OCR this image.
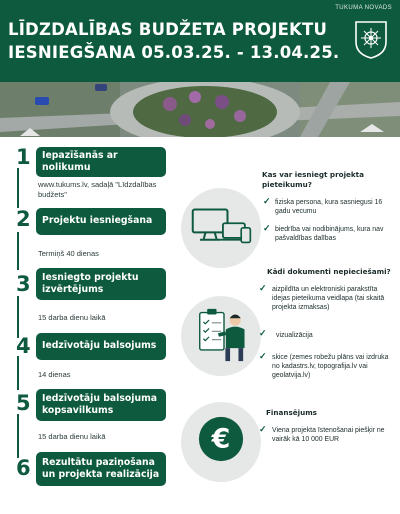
LĪDZDALĪBAS BUDŽETA PROJEKTU
IESNIEGŠANA 05.03.25. - 13.04.25.
TUKUMA NOVADS
1 Iepazīšanās ar nolikumu
www.tukums.lv, sadaļā "Līdzdalības budžets"
2 Projektu iesniegšana
Termiņš 40 dienas
3 Iesniegto projektu izvērtējums
15 darba dienu laikā
4 Iedzīvotāju balsojums
14 dienas
5 Iedzīvotāju balsojuma kopsavilkums
15 darba dienu laikā
6 Rezultātu paziņošana un projekta realizācija
Kas var iesniegt projekta pieteikumu?
✓ fiziska persona, kura sasniegusi 16 gadu vecumu
✓ biedrība vai nodibinājums, kura nav pašvaldības dalības
Kādi dokumenti nepieciešami?
✓ aizpildīta un elektroniski parakstīta idejas pieteikuma veidlapa (tai skaitā projekta izmaksas)
✓ vizualizācija
✓ skice (zemes robežu plāns vai izdruka no kadastrs.lv, topografija.lv vai geolatvija.lv)
€
Finansējums
✓ Viena projekta īstenošanai piešķir ne vairāk kā 10 000 EUR
